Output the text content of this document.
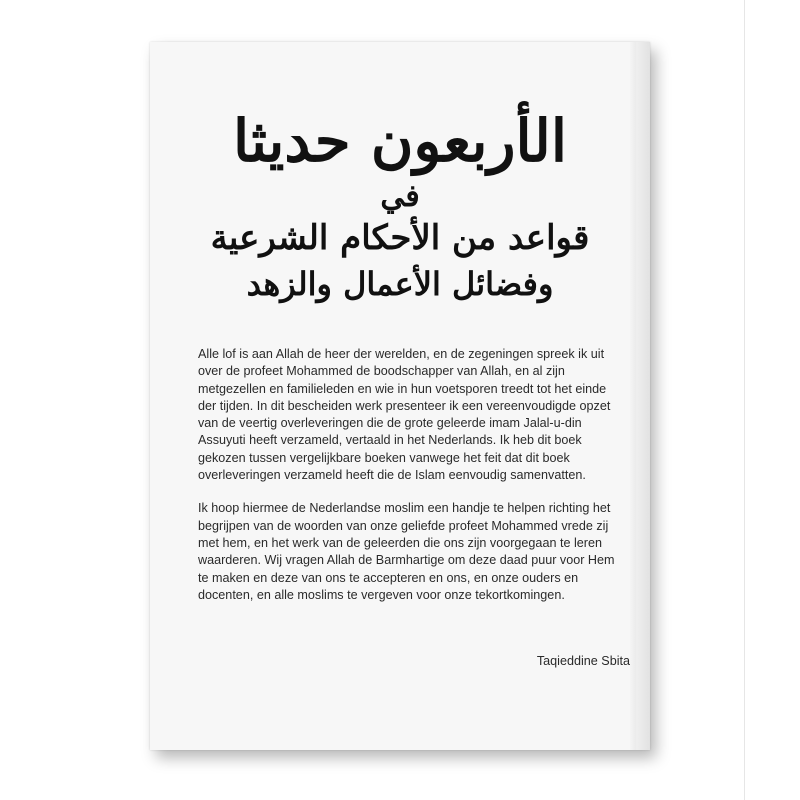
الأربعون حديثا
في
قواعد من الأحكام الشرعية
وفضائل الأعمال والزهد

Alle lof is aan Allah de heer der werelden, en de zegeningen spreek ik uit over de profeet Mohammed de boodschapper van Allah, en al zijn metgezellen en familieleden en wie in hun voetsporen treedt tot het einde der tijden. In dit bescheiden werk presenteer ik een vereenvoudigde opzet van de veertig overleveringen die de grote geleerde imam Jalal-u-din Assuyuti heeft verzameld, vertaald in het Nederlands. Ik heb dit boek gekozen tussen vergelijkbare boeken vanwege het feit dat dit boek overleveringen verzameld heeft die de Islam eenvoudig samenvatten.

Ik hoop hiermee de Nederlandse moslim een handje te helpen richting het begrijpen van de woorden van onze geliefde profeet Mohammed vrede zij met hem, en het werk van de geleerden die ons zijn voorgegaan te leren waarderen. Wij vragen Allah de Barmhartige om deze daad puur voor Hem te maken en deze van ons te accepteren en ons, en onze ouders en docenten, en alle moslims te vergeven voor onze tekortkomingen.

Taqieddine Sbita
